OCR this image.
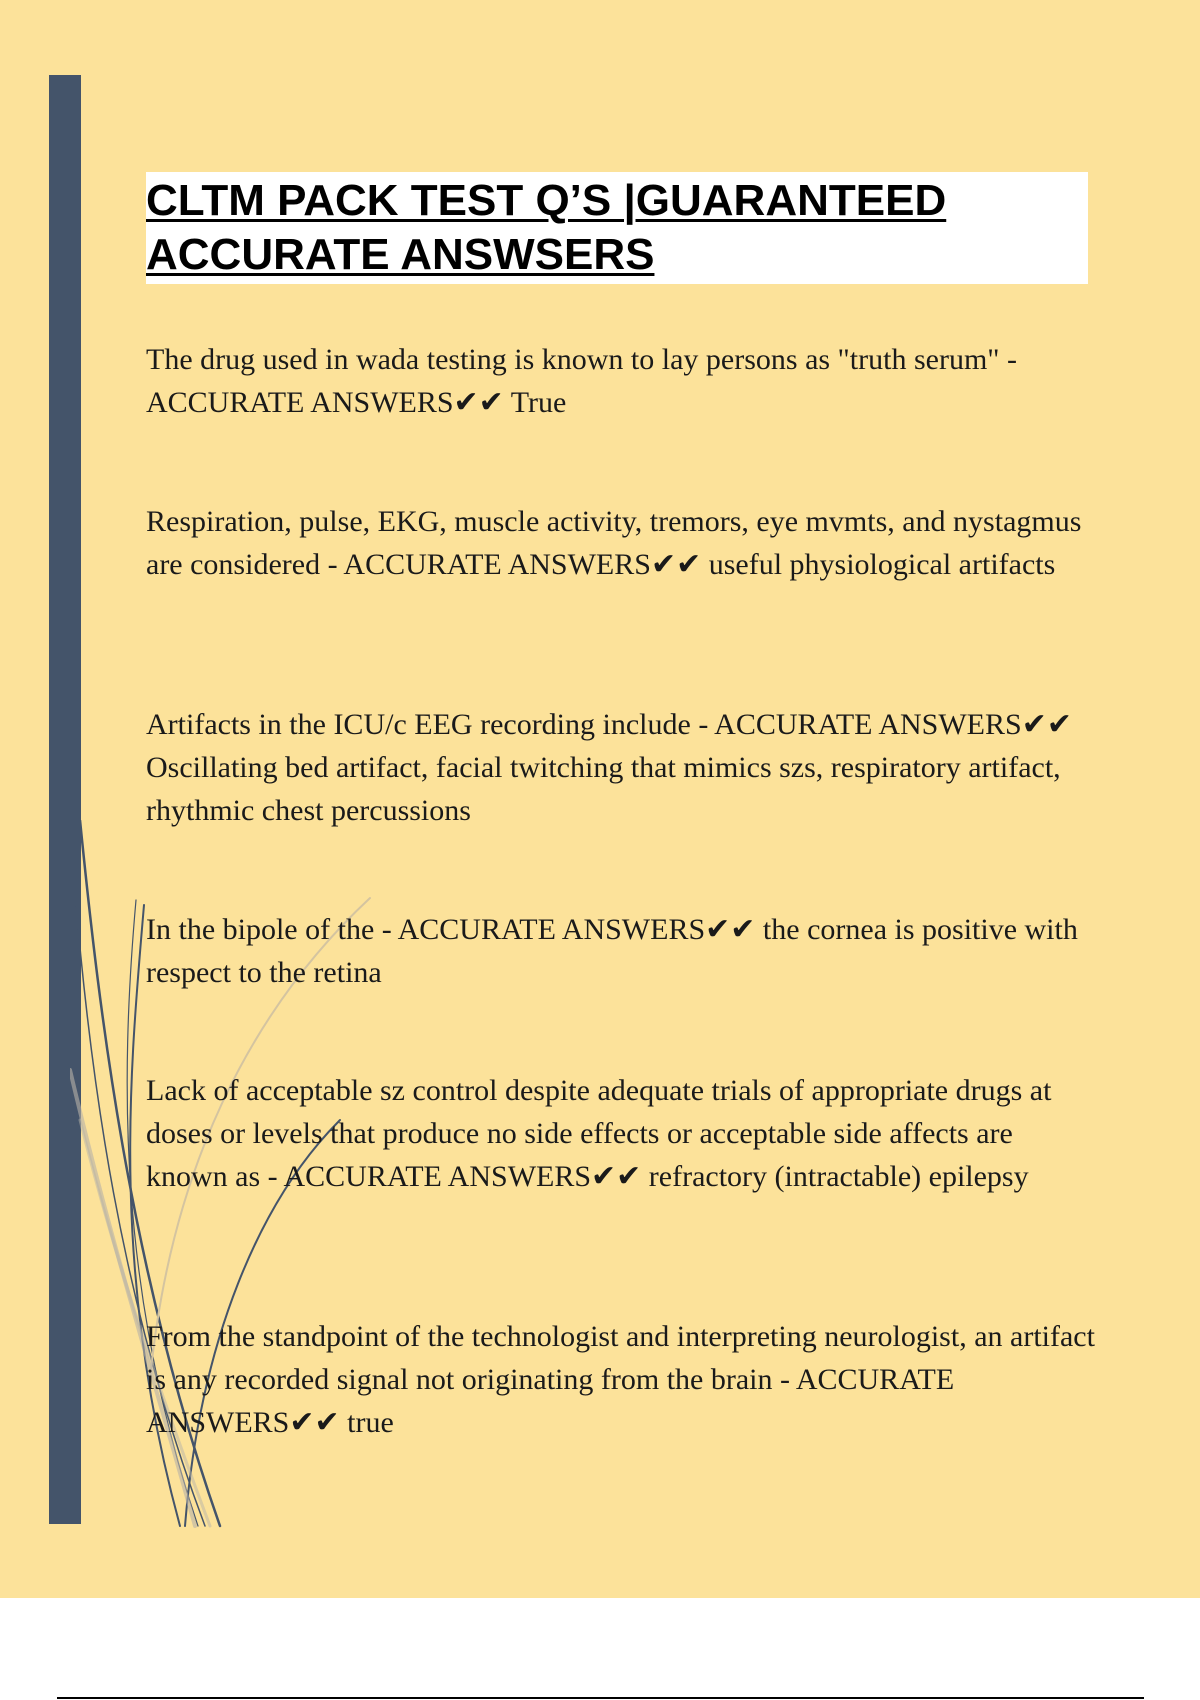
CLTM PACK TEST Q’S |GUARANTEED ACCURATE ANSWSERS

The drug used in wada testing is known to lay persons as "truth serum" - ACCURATE ANSWERS✔✔ True

Respiration, pulse, EKG, muscle activity, tremors, eye mvmts, and nystagmus are considered - ACCURATE ANSWERS✔✔ useful physiological artifacts

Artifacts in the ICU/c EEG recording include - ACCURATE ANSWERS✔✔ Oscillating bed artifact, facial twitching that mimics szs, respiratory artifact, rhythmic chest percussions

In the bipole of the - ACCURATE ANSWERS✔✔ the cornea is positive with respect to the retina

Lack of acceptable sz control despite adequate trials of appropriate drugs at doses or levels that produce no side effects or acceptable side affects are known as - ACCURATE ANSWERS✔✔ refractory (intractable) epilepsy

From the standpoint of the technologist and interpreting neurologist, an artifact is any recorded signal not originating from the brain - ACCURATE ANSWERS✔✔ true
